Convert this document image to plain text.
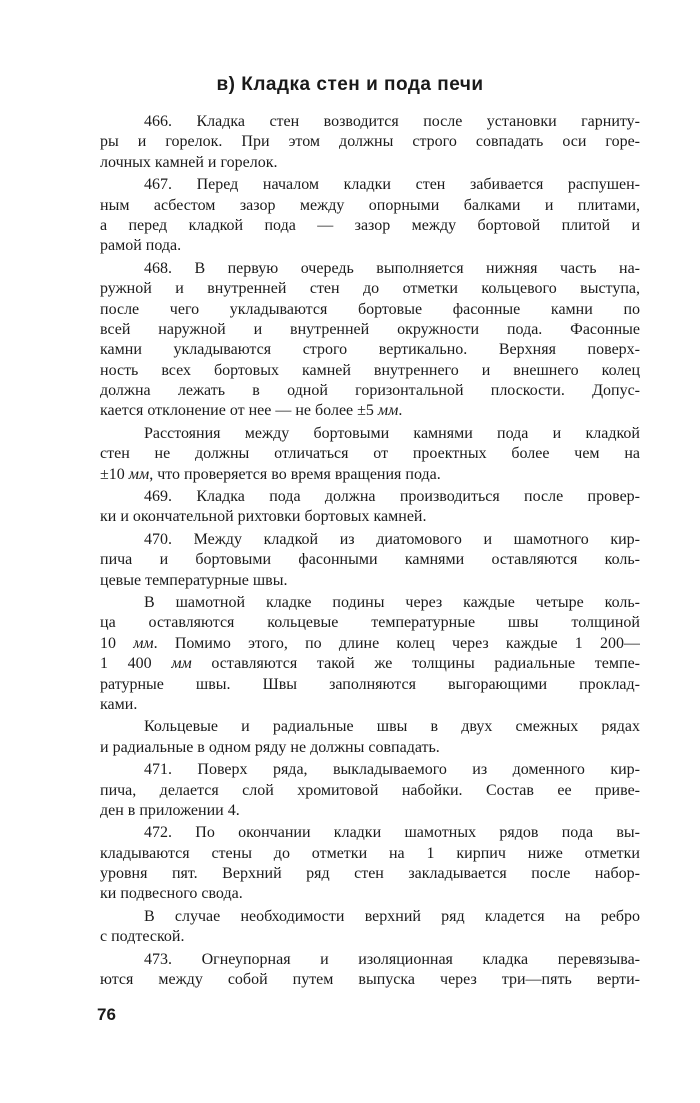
в) Кладка стен и пода печи
466. Кладка стен возводится после установки гарниту-
ры и горелок. При этом должны строго совпадать оси горе-
лочных камней и горелок.
467. Перед началом кладки стен забивается распушен-
ным асбестом зазор между опорными балками и плитами,
а перед кладкой пода — зазор между бортовой плитой и
рамой пода.
468. В первую очередь выполняется нижняя часть на-
ружной и внутренней стен до отметки кольцевого выступа,
после чего укладываются бортовые фасонные камни по
всей наружной и внутренней окружности пода. Фасонные
камни укладываются строго вертикально. Верхняя поверх-
ность всех бортовых камней внутреннего и внешнего колец
должна лежать в одной горизонтальной плоскости. Допус-
кается отклонение от нее — не более ±5 мм.
Расстояния между бортовыми камнями пода и кладкой
стен не должны отличаться от проектных более чем на
±10 мм, что проверяется во время вращения пода.
469. Кладка пода должна производиться после провер-
ки и окончательной рихтовки бортовых камней.
470. Между кладкой из диатомового и шамотного кир-
пича и бортовыми фасонными камнями оставляются коль-
цевые температурные швы.
В шамотной кладке подины через каждые четыре коль-
ца оставляются кольцевые температурные швы толщиной
10 мм. Помимо этого, по длине колец через каждые 1 200—
1 400 мм оставляются такой же толщины радиальные темпе-
ратурные швы. Швы заполняются выгорающими проклад-
ками.
Кольцевые и радиальные швы в двух смежных рядах
и радиальные в одном ряду не должны совпадать.
471. Поверх ряда, выкладываемого из доменного кир-
пича, делается слой хромитовой набойки. Состав ее приве-
ден в приложении 4.
472. По окончании кладки шамотных рядов пода вы-
кладываются стены до отметки на 1 кирпич ниже отметки
уровня пят. Верхний ряд стен закладывается после набор-
ки подвесного свода.
В случае необходимости верхний ряд кладется на ребро
с подтеской.
473. Огнеупорная и изоляционная кладка перевязыва-
ются между собой путем выпуска через три—пять верти-
76
